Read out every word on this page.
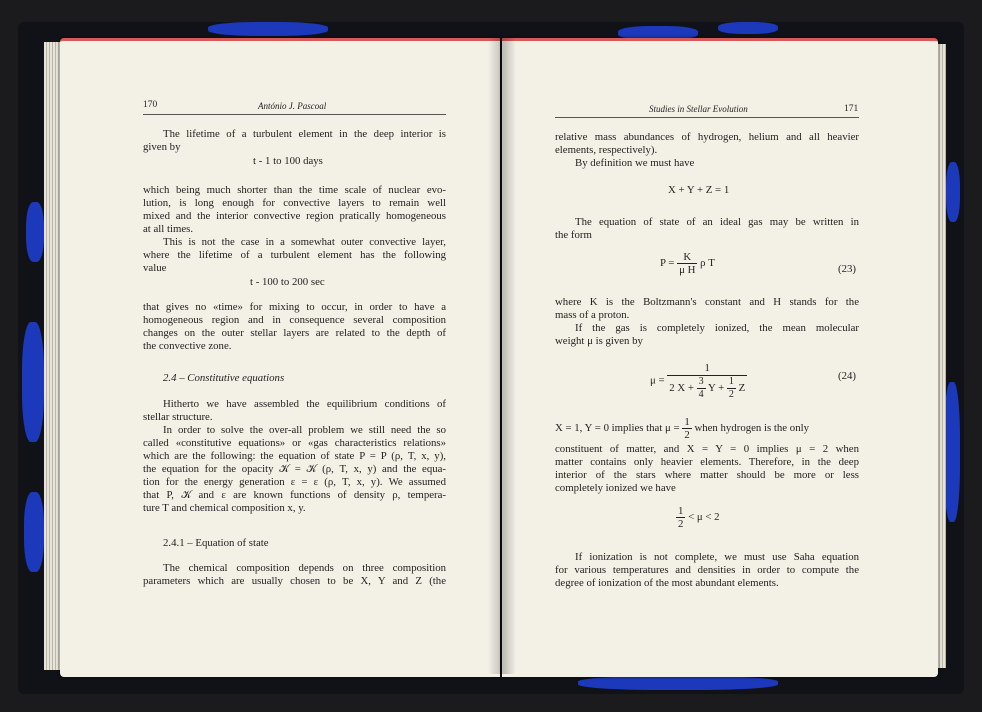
170	António J. Pascoal
The lifetime of a turbulent element in the deep interior is
given by
t - 1 to 100 days
which being much shorter than the time scale of nuclear evo-
lution, is long enough for convective layers to remain well
mixed and the interior convective region pratically homogeneous
at all times.
This is not the case in a somewhat outer convective layer,
where the lifetime of a turbulent element has the following
value
t - 100 to 200 sec
that gives no «time» for mixing to occur, in order to have a
homogeneous region and in consequence several composition
changes on the outer stellar layers are related to the depth of
the convective zone.
2.4 – Constitutive equations
Hitherto we have assembled the equilibrium conditions of
stellar structure.
In order to solve the over-all problem we still need the so
called «constitutive equations» or «gas characteristics relations»
which are the following: the equation of state P = P (ρ, T, x, y),
the equation for the opacity 𝒦 = 𝒦 (ρ, T, x, y) and the equa-
tion for the energy generation ε = ε (ρ, T, x, y). We assumed
that P, 𝒦 and ε are known functions of density ρ, tempera-
ture T and chemical composition x, y.
2.4.1 – Equation of state
The chemical composition depends on three composition
parameters which are usually chosen to be X, Y and Z (the
Studies in Stellar Evolution	171
relative mass abundances of hydrogen, helium and all heavier
elements, respectively).
By definition we must have
X + Y + Z = 1
The equation of state of an ideal gas may be written in
the form
$P = \frac{K}{\text{μ H}}$ ρ T
(23)
where K is the Boltzmann's constant and H stands for the
mass of a proton.
If the gas is completely ionized, the mean molecular
weight μ is given by
$\mu = \frac{1}{2 X + \frac{3}{4} Y + \frac{1}{2} Z}$	(24)
X = 1, Y = 0 implies that $\mu = \frac{1}{2}$ when hydrogen is the only
constituent of matter, and X = Y = 0 implies μ = 2 when
matter contains only heavier elements. Therefore, in the deep
interior of the stars where matter should be more or less
completely ionized we have
$\frac{1}{2} < \mu < 2$
If ionization is not complete, we must use Saha equation
for various temperatures and densities in order to compute the
degree of ionization of the most abundant elements.
